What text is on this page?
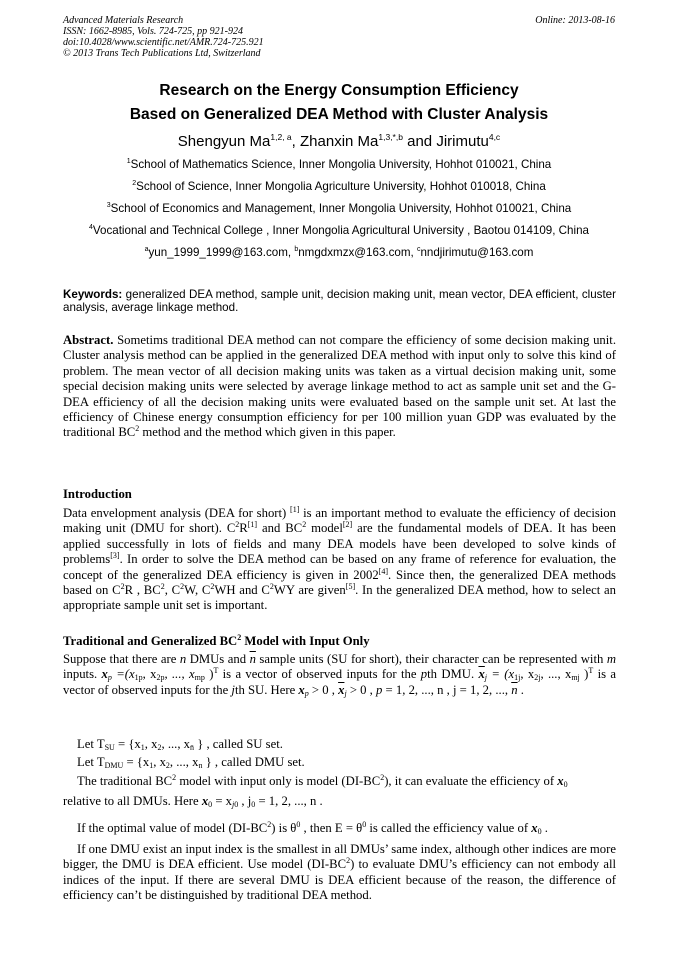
Advanced Materials Research
ISSN: 1662-8985, Vols. 724-725, pp 921-924
doi:10.4028/www.scientific.net/AMR.724-725.921
© 2013 Trans Tech Publications Ltd, Switzerland
Online: 2013-08-16
Research on the Energy Consumption Efficiency
Based on Generalized DEA Method with Cluster Analysis
Shengyun Ma$^{1,2, a}$, Zhanxin $Ma^{1,3,*,b}$ and Jirimutu$^{4,c}$
$^1$School of Mathematics Science, Inner Mongolia University, Hohhot 010021, China
$^2$School of Science, Inner Mongolia Agriculture University, Hohhot 010018, China
$^3$School of Economics and Management, Inner Mongolia University, Hohhot 010021, China
$^4$Vocational and Technical College , Inner Mongolia Agricultural University , Baotou 014109, China
$^a$yun_1999_1999@163.com, $^b$nmgdxmzx@163.com, $^c$nndjirimutu@163.com
Keywords: generalized DEA method, sample unit, decision making unit, mean vector, DEA efficient, cluster analysis, average linkage method.
Abstract. Sometims traditional DEA method can not compare the efficiency of some decision making unit. Cluster analysis method can be applied in the generalized DEA method with input only to solve this kind of problem. The mean vector of all decision making units was taken as a virtual decision making unit, some special decision making units were selected by average linkage method to act as sample unit set and the G-DEA efficiency of all the decision making units were evaluated based on the sample unit set. At last the efficiency of Chinese energy consumption efficiency for per 100 million yuan GDP was evaluated by the traditional $BC^2$ method and the method which given in this paper.
Introduction
Data envelopment analysis (DEA for short) [1] is an important method to evaluate the efficiency of decision making unit (DMU for short). $C^2R[1]$ and $BC^2$ model[2] are the fundamental models of DEA. It has been applied successfully in lots of fields and many DEA models have been developed to solve kinds of problems[3]. In order to solve the DEA method can be based on any frame of reference for evaluation, the concept of the generalized DEA efficiency is given in 2002[4]. Since then, the generalized DEA methods based on $C^2R$ , $BC^2$, $C^2W$, $C^2WH$ and $C^2WY$ are given[5]. In the generalized DEA method, how to select an appropriate sample unit set is important.
Traditional and Generalized $BC^2$ Model with Input Only
Suppose that there are n DMUs and $\overline{n}$ sample units (SU for short), their character can be represented with m inputs. $x_p =(x_{1p}$, $x_{2p}$, ..., $x_{mp}$ )$^T$ is a vector of observed inputs for the pth DMU. $\overline{x}_j = (x_{1j}$, $x_{2j}$, ..., $x_{mj}$ )$^T$ is a vector of observed inputs for the jth SU. Here $x_p > 0$ , $\overline{x}_j > 0$ , p = 1, 2, ..., n , j = 1, 2, ..., $\overline{n}$ .
Let $T_{SU} = \{x_1$, $x_2$, ..., $x_{n̄}$ } , called SU set.
Let $T_{DMU} = \{x_1$, $x_2$, ..., $x_n$ } , called DMU set.
The traditional $BC^2$ model with input only is model $(DI-BC^2)$, it can evaluate the efficiency of $x_0$
relative to all DMUs. Here $x_0 = x_{j0}$ , $j_0 = 1$, 2, ..., n .
If the optimal value of model $(DI-BC^2)$ is $\theta^0$ , then $E = \theta^0$ is called the efficiency value of $x_0$ .
If one DMU exist an input index is the smallest in all DMUs’ same index, although other indices are more bigger, the DMU is DEA efficient. Use model $(DI-BC^2)$ to evaluate DMU’s efficiency can not embody all indices of the input. If there are several DMU is DEA efficient because of the reason, the difference of efficiency can’t be distinguished by traditional DEA method.
